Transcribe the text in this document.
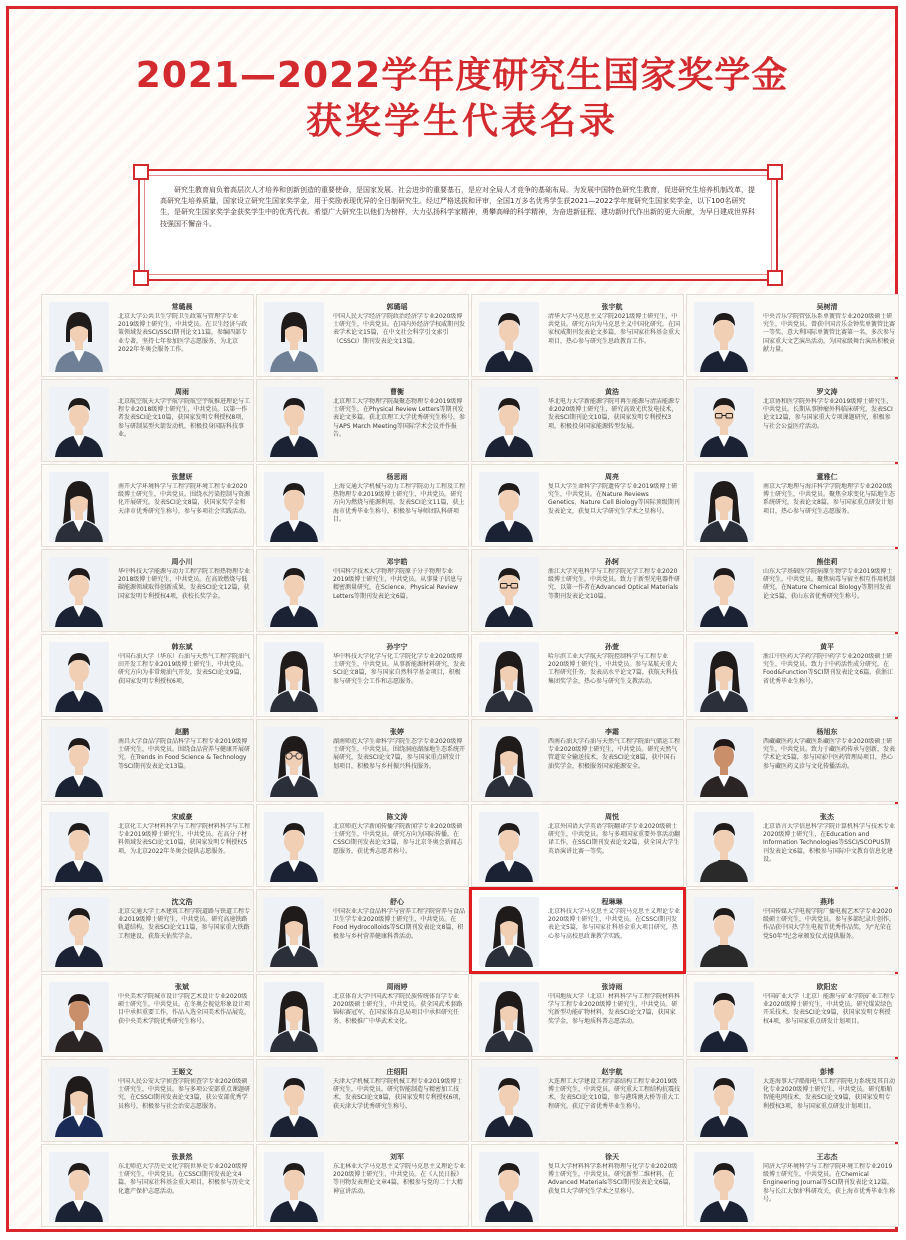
2021—2022学年度研究生国家奖学金
获奖学生代表名录
研究生教育肩负着高层次人才培养和创新创造的重要使命，是国家发展、社会进步的重要基石，是应对全局人才竞争的基础布局。为发展中国特色研究生教育，促进研究生培养机制改革，提高研究生培养质量，国家设立研究生国家奖学金，用于奖励表现优异的全日制研究生。经过严格选拔和评审，全国1万多名优秀学生获2021—2022学年度研究生国家奖学金，以下100名研究生，是研究生国家奖学金获奖学生中的优秀代表。希望广大研究生以他们为榜样，大力弘扬科学家精神，勇攀高峰的科学精神，为奋进新征程、建功新时代作出新的更大贡献，为早日建成世界科技强国不懈奋斗。
常璐晨
北京大学公共卫生学院卫生政策与管理学专业2019级博士研究生，中共党员。在卫生经济与政策领域发表SCI/SSCI期刊论文11篇，参编四部专业专著，坚持七年参加医学志愿服务，为北京2022年冬奥会服务工作。
郭璐瑶
中国人民大学经济学院政治经济学专业2020级博士研究生，中共党员。在国内外经济学权威期刊发表学术论文15篇，在中文社会科学引文索引（CSSCI）期刊发表论文13篇。
张宇航
清华大学马克思主义学院2021级博士研究生，中共党员。研究方向为马克思主义中国化研究，在国家权威期刊发表论文多篇，参与国家社科基金重大项目，热心参与研究生思政教育工作。
吴树清
中央音乐学院管弦乐系单簧管专业2020级硕士研究生，中共党员。曾获中国音乐金钟奖单簧管比赛一等奖、意大利国际单簧管比赛第一名，多次参与国家重大文艺演出活动，为国家级舞台演出积极贡献力量。
周雨
北京航空航天大学宇航学院航空宇航推进理论与工程专业2018级博士研究生，中共党员。以第一作者发表SCI论文10篇，获国家发明专利授权8项，参与研制某型火箭发动机，积极投身国防科技事业。
曹衡
北京理工大学物理学院凝聚态物理专业2019级博士研究生，在Physical Review Letters等期刊发表论文多篇，获北京理工大学优秀研究生称号，参与APS March Meeting等国际学术会议并作报告。
黄浩
华北电力大学新能源学院可再生能源与清洁能源专业2020级博士研究生，研究高效光伏发电技术，发表SCI期刊论文10篇，获国家发明专利授权3项，积极投身国家能源转型发展。
罗文涛
北京协和医学院外科学专业2019级博士研究生，中共党员。长期从事肿瘤外科临床研究，发表SCI论文12篇，参与国家重大专项课题研究，积极参与社会公益医疗活动。
张慧妍
南开大学环境科学与工程学院环境工程专业2020级博士研究生，中共党员。围绕水污染控制与资源化开展研究，发表SCI论文8篇，获国家奖学金和天津市优秀研究生称号，参与多项社会实践活动。
杨思雨
上海交通大学机械与动力工程学院动力工程及工程热物理专业2019级博士研究生，中共党员。研究方向为燃烧与能源利用，发表SCI论文11篇，获上海市优秀毕业生称号，积极参与导师团队科研项目。
周亮
复旦大学生命科学学院遗传学专业2019级博士研究生，中共党员。在Nature Reviews Genetics、Nature Cell Biology等国际顶级期刊发表论文，获复旦大学研究生学术之星称号。
董雅仁
南京大学地理与海洋科学学院地理学专业2020级博士研究生，中共党员。聚焦全球变化与陆地生态系统研究，发表论文8篇，参与国家重点研发计划项目，热心参与研究生志愿服务。
周小川
华中科技大学能源与动力工程学院工程热物理专业2018级博士研究生，中共党员。在高效燃烧与低碳能源领域取得创新成果，发表SCI论文12篇，获国家发明专利授权4项，获校长奖学金。
邓宇皓
中国科学技术大学物理学院原子分子物理专业2019级博士研究生，中共党员。从事量子信息与精密测量研究，在Science、Physical Review Letters等期刊发表论文6篇。
孙轲
浙江大学光电科学与工程学院光学工程专业2020级博士研究生，中共党员。致力于新型光电器件研究，以第一作者在Advanced Optical Materials等期刊发表论文10篇。
熊佳莉
山东大学基础医学院病原生物学专业2019级博士研究生，中共党员。聚焦病毒与宿主相互作用机制研究，在Nature Chemical Biology等期刊发表论文5篇，获山东省优秀研究生称号。
韩东斌
中国石油大学（华东）石油与天然气工程学院油气田开发工程专业2019级博士研究生，中共党员。研究方向为非常规油气开发，发表SCI论文9篇，获国家发明专利授权6项。
孙宇宁
华中科技大学化学与化工学院化学专业2020级博士研究生，中共党员。从事新能源材料研究，发表SCI论文8篇，参与国家自然科学基金项目，积极参与研究生会工作和志愿服务。
孙萱
哈尔滨工业大学航天学院控制科学与工程专业2020级博士研究生，中共党员。参与某航天重大工程研究任务，发表高水平论文7篇，获航天科技集团奖学金，热心参与研究生支教活动。
黄平
浙江中医药大学药学院中药学专业2020级硕士研究生，中共党员。致力于中药活性成分研究，在Food&Function等SCI期刊发表论文6篇，获浙江省优秀毕业生称号。
赵鹏
南昌大学食品学院食品科学与工程专业2019级博士研究生，中共党员。围绕食品营养与健康开展研究，在Trends in Food Science & Technology等SCI期刊发表论文13篇。
张婷
湖南师范大学生命科学学院生态学专业2020级博士研究生，中共党员。围绕洞庭湖湿地生态系统开展研究，发表SCI论文7篇，参与国家重点研发计划项目，积极参与乡村振兴科技服务。
李霜
西南石油大学石油与天然气工程学院油气储运工程专业2020级博士研究生，中共党员。研究天然气管道安全输送技术，发表SCI论文8篇，获中国石油奖学金，积极服务国家能源安全。
杨旭东
西藏藏医药大学藏医系藏医学专业2020级硕士研究生，中共党员。致力于藏医药传承与创新，发表学术论文5篇，参与国家中医药管理局项目，热心参与藏医药义诊与文化传播活动。
宋威豪
北京化工大学材料科学与工程学院材料科学与工程专业2019级博士研究生，中共党员。在高分子材料领域发表SCI论文10篇，获国家发明专利授权5项，为北京2022年冬奥会提供志愿服务。
陈文涛
北京师范大学新闻传播学院新闻学专业2020级硕士研究生，中共党员。研究方向为国际传播，在CSSCI期刊发表论文3篇，参与北京冬奥会新闻志愿服务，获优秀志愿者称号。
周悦
北京外国语大学英语学院翻译学专业2020级硕士研究生，中共党员。参与多项国家重要外事活动翻译工作，在SSCI期刊发表论文2篇，获全国大学生英语演讲比赛一等奖。
张杰
北京语言大学信息科学学院计算机科学与技术专业2020级博士研究生，在Education and Information Technologies等SSCI/SCOPUS期刊发表论文6篇，积极参与国际中文教育信息化建设。
沈文浩
北京交通大学土木建筑工程学院道路与铁道工程专业2019级博士研究生，中共党员。研究高速铁路轨道结构，发表SCI论文11篇，参与国家重大铁路工程建设，获詹天佑奖学金。
舒心
中国农业大学食品科学与营养工程学院营养与食品卫生学专业2020级博士研究生，中共党员。在Food Hydrocolloids等SCI期刊发表论文8篇，积极参与乡村营养健康科普活动。
程琳琳
北京科技大学马克思主义学院马克思主义理论专业2020级博士研究生，中共党员。在CSSCI期刊发表论文5篇，参与国家社科基金重大项目研究，热心参与高校思政课教学实践。
燕玮
中国传媒大学电视学院广播电视艺术学专业2020级硕士研究生，中共党员。参与多部纪录片创作，作品获中国大学生电视节优秀作品奖，为"光荣在党50年"纪念章颁发仪式提供服务。
张斌
中央美术学院城市设计学院艺术设计专业2020级硕士研究生，中共党员。在冬奥会视觉形象设计项目中承担重要工作，作品入选全国美术作品展览，获中央美术学院优秀研究生称号。
周雨婷
北京体育大学中国武术学院民族传统体育学专业2020级硕士研究生，中共党员。获全国武术套路锦标赛冠军，在国家体育总局项目中承担研究任务，积极推广中华武术文化。
张诗雨
中国地质大学（北京）材料科学与工程学院材料科学与工程专业2020级博士研究生，中共党员。研究新型功能矿物材料，发表SCI论文7篇，获国家奖学金，参与地质科普志愿活动。
欧阳宏
中国矿业大学（北京）能源与矿业学院矿业工程专业2020级博士研究生，中共党员。研究煤炭绿色开采技术，发表SCI论文9篇，获国家发明专利授权4项，参与国家重点研发计划项目。
王姬文
中国人民公安大学侦查学院侦查学专业2020级硕士研究生，中共党员。参与多项公安部重点课题研究，在CSSCI期刊发表论文3篇，获公安部优秀学员称号，积极参与社会治安志愿服务。
庄绍阳
天津大学机械工程学院机械工程专业2019级博士研究生，中共党员。研究智能制造与精密加工技术，发表SCI论文8篇，获国家发明专利授权6项，获天津大学优秀研究生称号。
赵宇航
大连理工大学建设工程学部结构工程专业2019级博士研究生，中共党员。研究重大工程结构抗震技术，发表SCI论文10篇，参与港珠澳大桥等重大工程研究，获辽宁省优秀毕业生称号。
彭博
大连海事大学船舶电气工程学院电力系统及其自动化专业2020级博士研究生，中共党员。研究船舶智能电网技术，发表SCI论文9篇，获国家发明专利授权3项，参与国家重点研发计划项目。
张景然
东北师范大学历史文化学院世界史专业2020级博士研究生，中共党员。在CSSCI期刊发表论文4篇，参与国家社科基金重大项目，积极参与历史文化遗产保护志愿活动。
刘军
东北林业大学马克思主义学院马克思主义理论专业2020级博士研究生，中共党员。在《人民日报》等刊物发表理论文章4篇，积极参与党的二十大精神宣讲活动。
徐天
复旦大学材料科学系材料物理与化学专业2020级博士研究生，中共党员。研究新型二维材料，在Advanced Materials等SCI期刊发表论文6篇，获复旦大学研究生学术之星称号。
王志杰
同济大学环境科学与工程学院环境工程专业2019级博士研究生，中共党员。在Chemical Engineering Journal等SCI期刊发表论文12篇，参与长江大保护科研攻关，获上海市优秀毕业生称号。
